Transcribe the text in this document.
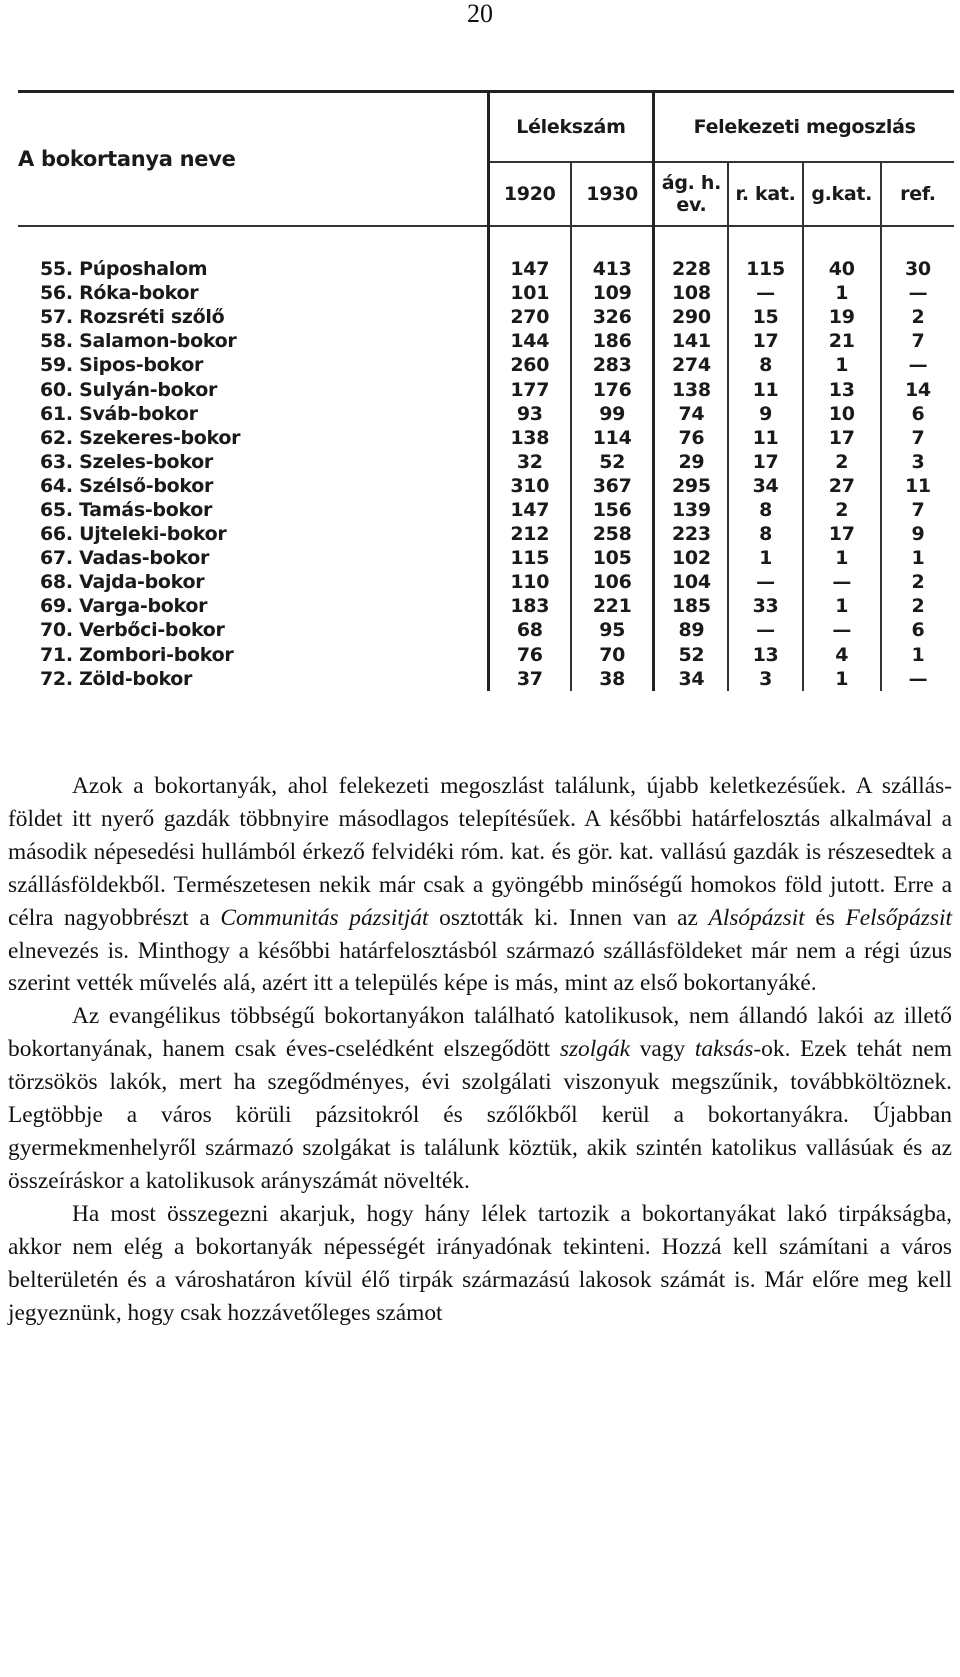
20
A bokortanya neve	Lélekszám		Felekezeti megoszlás			
	1920	1930	ág. h. ev.	r. kat.	g.kat.	ref.

55. Púposhalom	147	413	228	115	40	30
56. Róka-bokor	101	109	108	—	1	—
57. Rozsréti szőlő	270	326	290	15	19	2
58. Salamon-bokor	144	186	141	17	21	7
59. Sipos-bokor	260	283	274	8	1	—
60. Sulyán-bokor	177	176	138	11	13	14
61. Sváb-bokor	93	99	74	9	10	6
62. Szekeres-bokor	138	114	76	11	17	7
63. Szeles-bokor	32	52	29	17	2	3
64. Szélső-bokor	310	367	295	34	27	11
65. Tamás-bokor	147	156	139	8	2	7
66. Ujteleki-bokor	212	258	223	8	17	9
67. Vadas-bokor	115	105	102	1	1	1
68. Vajda-bokor	110	106	104	—	—	2
69. Varga-bokor	183	221	185	33	1	2
70. Verbőci-bokor	68	95	89	—	—	6
71. Zombori-bokor	76	70	52	13	4	1
72. Zöld-bokor	37	38	34	3	1	—

Azok a bokortanyák, ahol felekezeti megoszlást találunk, újabb keletkezésűek. A szállás-földet itt nyerő gazdák többnyire másodlagos telepítésűek. A későbbi határfelosztás alkalmával a második népesedési hullámból érkező felvidéki róm. kat. és gör. kat. vallású gazdák is részesedtek a szállásföldekből. Természetesen nekik már csak a gyöngébb minőségű homokos föld jutott. Erre a célra nagyobbrészt a Communitás pázsitját osztották ki. Innen van az Alsópázsit és Felsőpázsit elnevezés is. Minthogy a későbbi határfelosztásból származó szállásföldeket már nem a régi úzus szerint vették művelés alá, azért itt a település képe is más, mint az első bokortanyáké.

Az evangélikus többségű bokortanyákon található katolikusok, nem állandó lakói az illető bokortanyának, hanem csak éves-cselédként elszegődött szolgák vagy taksás-ok. Ezek tehát nem törzsökös lakók, mert ha szegődményes, évi szolgálati viszonyuk megszűnik, továbbköltöznek. Legtöbbje a város körüli pázsitokról és szőlőkből kerül a bokortanyákra. Újabban gyermekmenhelyről származó szolgákat is találunk köztük, akik szintén katolikus vallásúak és az összeíráskor a katolikusok arányszámát növelték.

Ha most összegezni akarjuk, hogy hány lélek tartozik a bokortanyákat lakó tirpákságba, akkor nem elég a bokortanyák népességét irányadónak tekinteni. Hozzá kell számítani a város belterületén és a városhatáron kívül élő tirpák származású lakosok számát is. Már előre meg kell jegyeznünk, hogy csak hozzávetőleges számot
